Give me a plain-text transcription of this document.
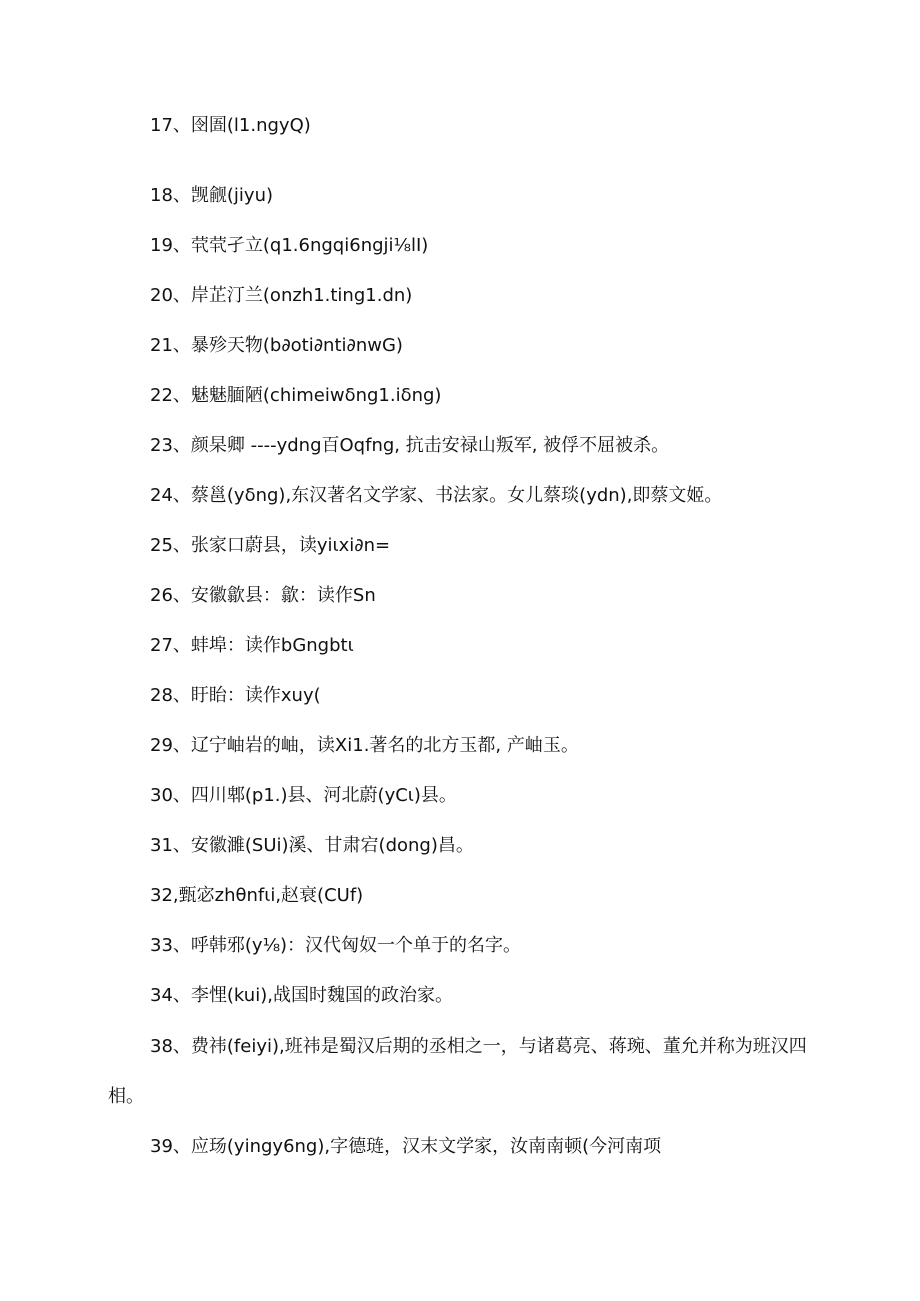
17、囹圄(l1.ngyQ)
18、觊觎(jiyu)
19、茕茕孑立(q1.6ngqi6ngji⅛lI)
20、岸芷汀兰(onzh1.ting1.dn)
21、暴殄天物(b∂oti∂nti∂nwG)
22、魅魅腼陋(chimeiwδng1.iδng)
23、颜杲卿 ----ydng百Oqfng, 抗击安禄山叛军, 被俘不屈被杀。
24、蔡邕(yδng),东汉著名文学家、书法家。女儿蔡琰(ydn),即蔡文姬。
25、张家口蔚县，读yiιxi∂n=
26、安徽歙县：歙：读作Sn
27、蚌埠：读作bGngbtι
28、盱眙：读作xuy(
29、辽宁岫岩的岫，读Xi1.著名的北方玉都, 产岫玉。
30、四川郫(p1.)县、河北蔚(yCι)县。
31、安徽濉(SUi)溪、甘肃宕(dong)昌。
32,甄宓zhθnfιi,赵衰(CUf)
33、呼韩邪(y⅛)：汉代匈奴一个单于的名字。
34、李悝(kui),战国时魏国的政治家。
38、费祎(feiyi),班祎是蜀汉后期的丞相之一，与诸葛亮、蒋琬、董允并称为班汉四相。
39、应玚(yingy6ng),字德琏，汉末文学家，汝南南顿(今河南项
